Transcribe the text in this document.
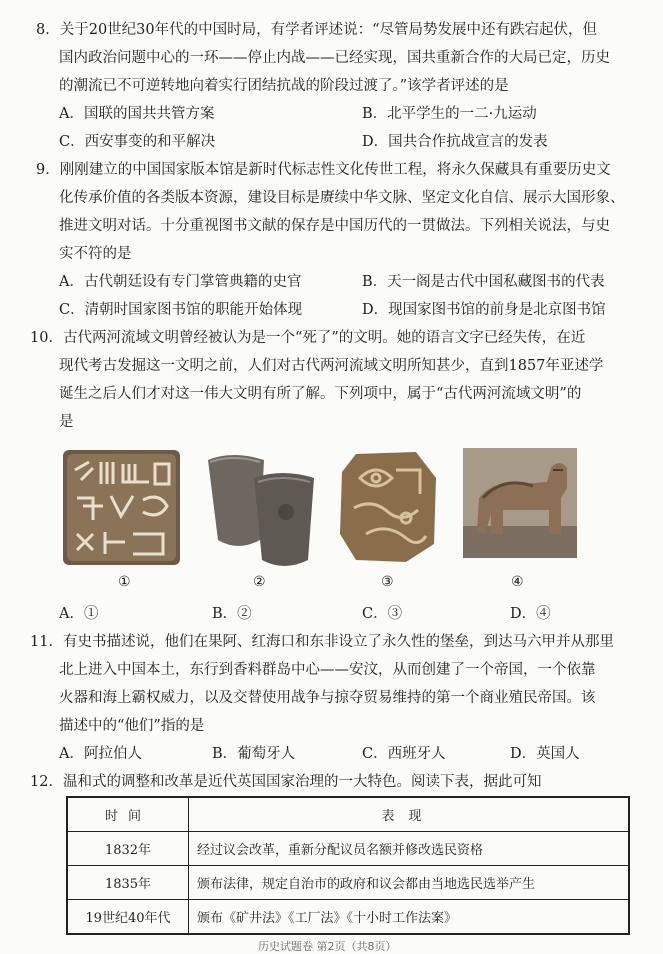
8．关于20世纪30年代的中国时局，有学者评述说：“尽管局势发展中还有跌宕起伏，但
国内政治问题中心的一环——停止内战——已经实现，国共重新合作的大局已定，历史
的潮流已不可逆转地向着实行团结抗战的阶段过渡了。”该学者评述的是
A．国联的国共共管方案	B．北平学生的一二·九运动
C．西安事变的和平解决	D．国共合作抗战宣言的发表
9．刚刚建立的中国国家版本馆是新时代标志性文化传世工程，将永久保藏具有重要历史文
化传承价值的各类版本资源，建设目标是赓续中华文脉、坚定文化自信、展示大国形象、
推进文明对话。十分重视图书文献的保存是中国历代的一贯做法。下列相关说法，与史
实不符的是
A．古代朝廷设有专门掌管典籍的史官	B．天一阁是古代中国私藏图书的代表
C．清朝时国家图书馆的职能开始体现	D．现国家图书馆的前身是北京图书馆
10．古代两河流域文明曾经被认为是一个“死了”的文明。她的语言文字已经失传，在近
现代考古发掘这一文明之前，人们对古代两河流域文明所知甚少，直到1857年亚述学
诞生之后人们才对这一伟大文明有所了解。下列项中，属于“古代两河流域文明”的
是
①	②	③	④
A．①	B．②	C．③	D．④
11．有史书描述说，他们在果阿、红海口和东非设立了永久性的堡垒，到达马六甲并从那里
北上进入中国本土，东行到香料群岛中心——安汶，从而创建了一个帝国，一个依靠
火器和海上霸权威力，以及交替使用战争与掠夺贸易维持的第一个商业殖民帝国。该
描述中的“他们”指的是
A．阿拉伯人	B．葡萄牙人	C．西班牙人	D．英国人
12．温和式的调整和改革是近代英国国家治理的一大特色。阅读下表，据此可知
时间	表现
1832年	经过议会改革，重新分配议员名额并修改选民资格
1835年	颁布法律，规定自治市的政府和议会都由当地选民选举产生
19世纪40年代	颁布《矿井法》《工厂法》《十小时工作法案》
历史试题卷 第2页（共8页）
